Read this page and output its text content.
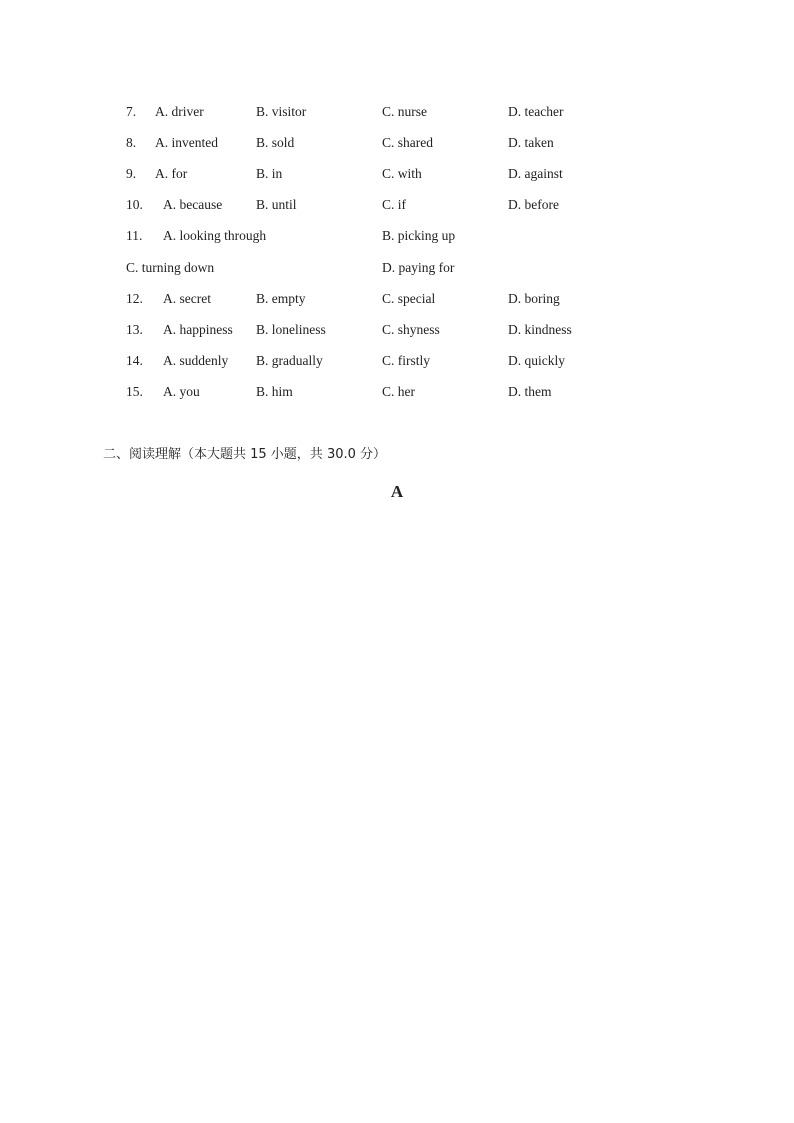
7. A. driver	B. visitor	C. nurse	D. teacher
8. A. invented	B. sold	C. shared	D. taken
9. A. for	B. in	C. with	D. against
10. A. because	B. until	C. if	D. before
11. A. looking through	B. picking up
C. turning down	D. paying for
12. A. secret	B. empty	C. special	D. boring
13. A. happiness B. loneliness	C. shyness	D. kindness
14. A. suddenly B. gradually	C. firstly	D. quickly
15. A. you	B. him	C. her	D. them
二、阅读理解（本大题共 15 小题，共 30.0 分）
A
